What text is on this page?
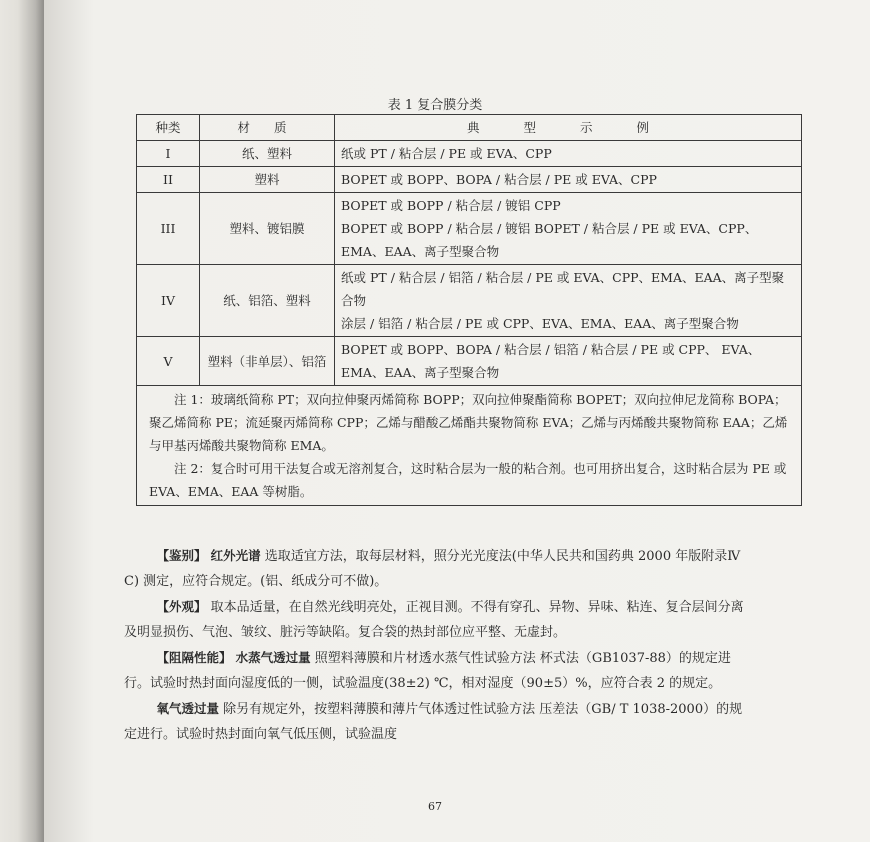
表 1 复合膜分类
种类	材 质	典 型 示 例
I	纸、塑料	纸或 PT / 粘合层 / PE 或 EVA、CPP
II	塑料	BOPET 或 BOPP、BOPA / 粘合层 / PE 或 EVA、CPP
III	塑料、镀铝膜	BOPET 或 BOPP / 粘合层 / 镀铝 CPP
BOPET 或 BOPP / 粘合层 / 镀铝 BOPET / 粘合层 / PE 或 EVA、CPP、EMA、EAA、离子型聚合物

IV	纸、铝箔、塑料	纸或 PT / 粘合层 / 铝箔 / 粘合层 / PE 或 EVA、CPP、EMA、EAA、离子型聚合物
涂层 / 铝箔 / 粘合层 / PE 或 CPP、EVA、EMA、EAA、离子型聚合物

V	塑料（非单层）、铝箔	BOPET 或 BOPP、BOPA / 粘合层 / 铝箔 / 粘合层 / PE 或 CPP、 EVA、EMA、EAA、离子型聚合物

注 1：玻璃纸简称 PT；双向拉伸聚丙烯简称 BOPP；双向拉伸聚酯简称 BOPET；双向拉伸尼龙简称 BOPA；聚乙烯简称 PE；流延聚丙烯简称 CPP；乙烯与醋酸乙烯酯共聚物简称 EVA；乙烯与丙烯酸共聚物简称 EAA；乙烯与甲基丙烯酸共聚物简称 EMA。

注 2：复合时可用干法复合或无溶剂复合，这时粘合层为一般的粘合剂。也可用挤出复合，这时粘合层为 PE 或 EVA、EMA、EAA 等树脂。		

【鉴别】 红外光谱 选取适宜方法，取每层材料，照分光光度法(中华人民共和国药典 2000 年版附录Ⅳ C) 测定，应符合规定。(铝、纸成分可不做)。

【外观】 取本品适量，在自然光线明亮处，正视目测。不得有穿孔、异物、异味、粘连、复合层间分离及明显损伤、气泡、皱纹、脏污等缺陷。复合袋的热封部位应平整、无虚封。

【阻隔性能】 水蒸气透过量 照塑料薄膜和片材透水蒸气性试验方法 杯式法（GB1037-88）的规定进行。试验时热封面向湿度低的一侧，试验温度(38±2) ℃，相对湿度（90±5）%，应符合表 2 的规定。

氧气透过量 除另有规定外，按塑料薄膜和薄片气体透过性试验方法 压差法（GB/ T 1038-2000）的规定进行。试验时热封面向氧气低压侧，试验温度

67
